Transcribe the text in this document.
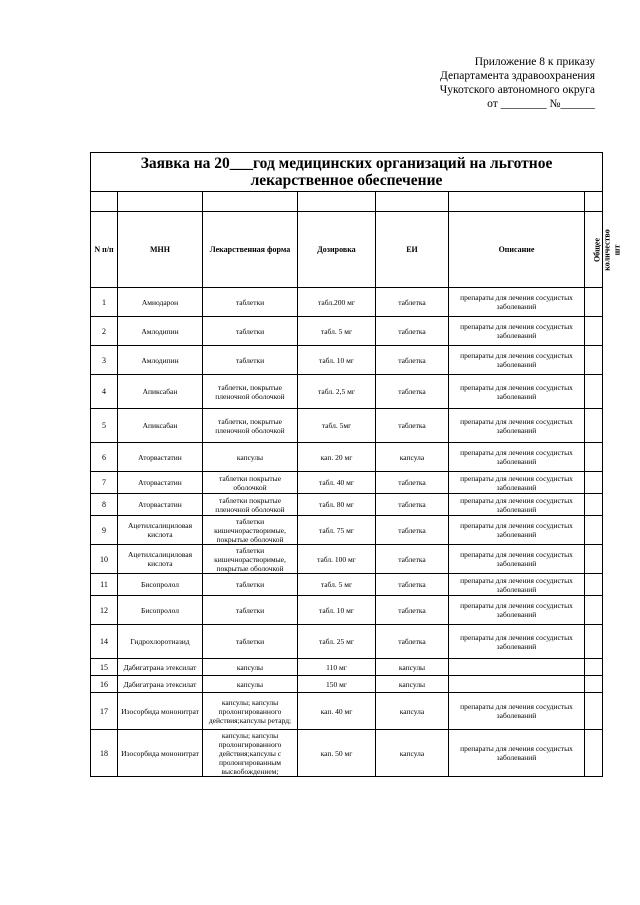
Приложение 8 к приказу
Департамента здравоохранения
Чукотского автономного округа
от ________ №______
Заявка на 20___год медицинских организаций на льготное лекарственное обеспечение						

N п/п	МНН	Лекарственная форма	Дозировка	ЕИ	Описание	Общее количество шт

1	Амиодарон	таблетки	табл.200 мг	таблетка	препараты для лечения сосудистых заболеваний	
2	Амлодипин	таблетки	табл. 5 мг	таблетка	препараты для лечения сосудистых заболеваний	
3	Амлодипин	таблетки	табл. 10 мг	таблетка	препараты для лечения сосудистых заболеваний	
4	Апиксабан	таблетки, покрытые пленочной оболочкой	табл. 2,5 мг	таблетка	препараты для лечения сосудистых заболеваний	
5	Апиксабан	таблетки, покрытые пленочной оболочкой	табл. 5мг	таблетка	препараты для лечения сосудистых заболеваний	
6	Аторвастатин	капсулы	кап. 20 мг	капсула	препараты для лечения сосудистых заболеваний	
7	Аторвастатин	таблетки покрытые оболочкой	табл. 40 мг	таблетка	препараты для лечения сосудистых заболеваний	
8	Аторвастатин	таблетки покрытые пленочной оболочкой	табл. 80 мг	таблетка	препараты для лечения сосудистых заболеваний	
9	Ацетилсалициловая кислота	таблетки кишечнорастворимые, покрытые оболочкой	табл. 75 мг	таблетка	препараты для лечения сосудистых заболеваний	
10	Ацетилсалициловая кислота	таблетки кишечнорастворимые, покрытые оболочкой	табл. 100 мг	таблетка	препараты для лечения сосудистых заболеваний	
11	Бисопролол	таблетки	табл. 5 мг	таблетка	препараты для лечения сосудистых заболеваний	
12	Бисопролол	таблетки	табл. 10 мг	таблетка	препараты для лечения сосудистых заболеваний	
14	Гидрохлоротиазид	таблетки	табл. 25 мг	таблетка	препараты для лечения сосудистых заболеваний	
15	Дабигатрана этексилат	капсулы	110 мг	капсулы		
16	Дабигатрана этексилат	капсулы	150 мг	капсулы		
17	Изосорбида мононитрат	капсулы; капсулы пролонгированного действия;капсулы ретард;	кап. 40 мг	капсула	препараты для лечения сосудистых заболеваний	
18	Изосорбида мононитрат	капсулы; капсулы пролонгированного действия;капсулы с пролонгированным высвобождением;	кап. 50 мг	капсула	препараты для лечения сосудистых заболеваний	
